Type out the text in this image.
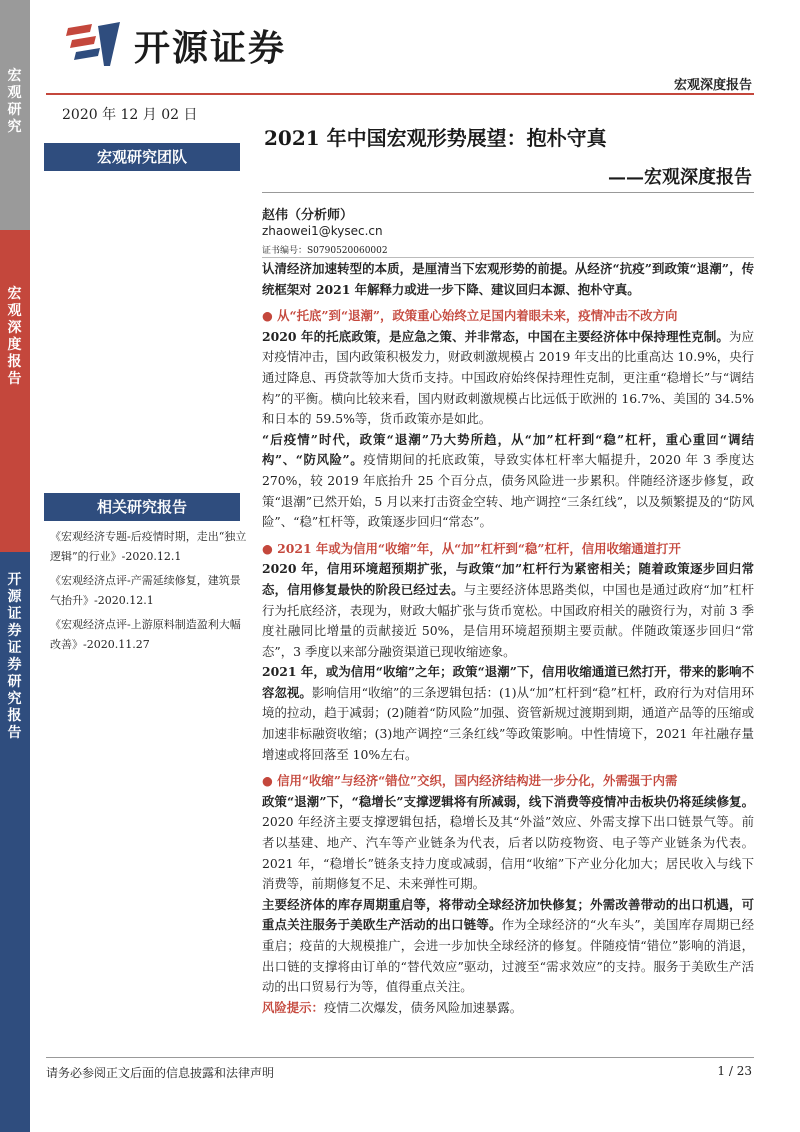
宏观研究
宏观深度报告
开源证券 证券研究报告
开源证券
宏观深度报告
2020 年 12 月 02 日
2021 年中国宏观形势展望：抱朴守真
——宏观深度报告
宏观研究团队
赵伟（分析师）
zhaowei1@kysec.cn
证书编号：S0790520060002
相关研究报告
《宏观经济专题-后疫情时期，走出“独立逻辑”的行业》-2020.12.1
《宏观经济点评-产需延续修复，建筑景气抬升》-2020.12.1
《宏观经济点评-上游原料制造盈利大幅改善》-2020.11.27

认清经济加速转型的本质，是厘清当下宏观形势的前提。从经济“抗疫”到政策“退潮”，传统框架对 2021 年解释力或进一步下降、建议回归本源、抱朴守真。

● 从“托底”到“退潮”，政策重心始终立足国内着眼未来，疫情冲击不改方向

2020 年的托底政策，是应急之策、并非常态，中国在主要经济体中保持理性克制。为应对疫情冲击，国内政策积极发力，财政刺激规模占 2019 年支出的比重高达 10.9%，央行通过降息、再贷款等加大货币支持。中国政府始终保持理性克制，更注重“稳增长”与“调结构”的平衡。横向比较来看，国内财政刺激规模占比远低于欧洲的 16.7%、美国的 34.5%和日本的 59.5%等，货币政策亦是如此。

“后疫情”时代，政策“退潮”乃大势所趋，从“加”杠杆到“稳”杠杆，重心重回“调结构”、“防风险”。疫情期间的托底政策，导致实体杠杆率大幅提升，2020 年 3 季度达 270%，较 2019 年底抬升 25 个百分点，债务风险进一步累积。伴随经济逐步修复，政策“退潮”已然开始，5 月以来打击资金空转、地产调控“三条红线”，以及频繁提及的“防风险”、“稳”杠杆等，政策逐步回归“常态”。

● 2021 年或为信用“收缩”年，从“加”杠杆到“稳”杠杆，信用收缩通道打开

2020 年，信用环境超预期扩张，与政策“加”杠杆行为紧密相关；随着政策逐步回归常态，信用修复最快的阶段已经过去。与主要经济体思路类似，中国也是通过政府“加”杠杆行为托底经济，表现为，财政大幅扩张与货币宽松。中国政府相关的融资行为，对前 3 季度社融同比增量的贡献接近 50%，是信用环境超预期主要贡献。伴随政策逐步回归“常态”，3 季度以来部分融资渠道已现收缩迹象。

2021 年，或为信用“收缩”之年；政策“退潮”下，信用收缩通道已然打开，带来的影响不容忽视。影响信用“收缩”的三条逻辑包括：(1)从“加”杠杆到“稳”杠杆，政府行为对信用环境的拉动，趋于减弱；(2)随着“防风险”加强、资管新规过渡期到期，通道产品等的压缩或加速非标融资收缩；(3)地产调控“三条红线”等政策影响。中性情境下，2021 年社融存量增速或将回落至 10%左右。

● 信用“收缩”与经济“错位”交织，国内经济结构进一步分化，外需强于内需

政策“退潮”下，“稳增长”支撑逻辑将有所减弱，线下消费等疫情冲击板块仍将延续修复。2020 年经济主要支撑逻辑包括，稳增长及其“外溢”效应、外需支撑下出口链景气等。前者以基建、地产、汽车等产业链条为代表，后者以防疫物资、电子等产业链条为代表。2021 年，“稳增长”链条支持力度或减弱，信用“收缩”下产业分化加大；居民收入与线下消费等，前期修复不足、未来弹性可期。

主要经济体的库存周期重启等，将带动全球经济加快修复；外需改善带动的出口机遇，可重点关注服务于美欧生产活动的出口链等。作为全球经济的“火车头”，美国库存周期已经重启；疫苗的大规模推广，会进一步加快全球经济的修复。伴随疫情“错位”影响的消退，出口链的支撑将由订单的“替代效应”驱动，过渡至“需求效应”的支持。服务于美欧生产活动的出口贸易行为等，值得重点关注。

风险提示：疫情二次爆发，债务风险加速暴露。

请务必参阅正文后面的信息披露和法律声明	1 / 23
